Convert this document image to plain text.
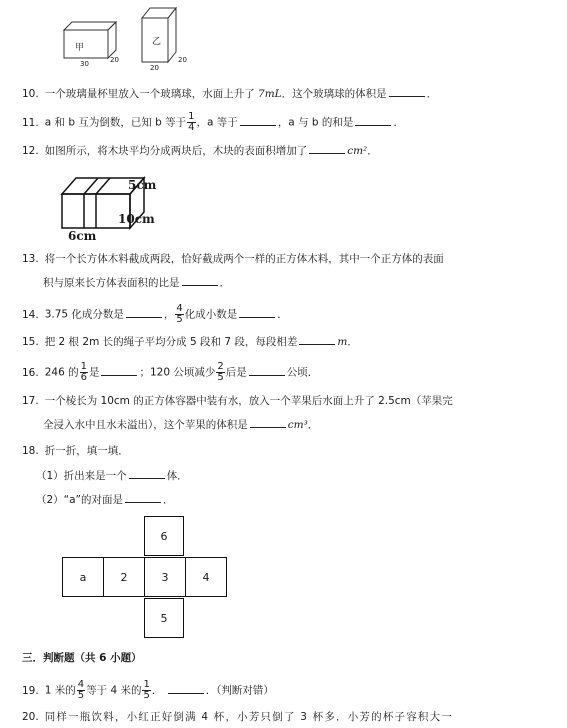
甲
30	20
乙
20
20
10. 一个玻璃量杯里放入一个玻璃球，水面上升了 7mL．这个玻璃球的体积是	．
11. a 和 b 互为倒数，已知 b 等于 $\frac{1}{4}$ ，a 等于	，a 与 b 的和是	．
12. 如图所示，将木块平均分成两块后，木块的表面积增加了	cm²．
5cm
10cm
6cm
13. 将一个长方体木料截成两段，恰好截成两个一样的正方体木料，其中一个正方体的表面
积与原来长方体表面积的比是	．
14. 3.75 化成分数是	， $\frac{4}{5}$ 化成小数是	．
15. 把 2 根 2m 长的绳子平均分成 5 段和 7 段，每段相差	m．
16. 246 的 $\frac{1}{6}$ 是	；120 公顷减少 $\frac{2}{5}$ 后是	公顷．
17. 一个棱长为 10cm 的正方体容器中装有水，放入一个苹果后水面上升了 2.5cm（苹果完
全浸入水中且水未溢出），这个苹果的体积是	cm³．
18. 折一折，填一填．
（1）折出来是一个	体．
（2）“a”的对面是	．
6
a	2	3	4
5
三．判断题（共 6 小题）
19. 1 米的 $\frac{4}{5}$ 等于 4 米的 $\frac{1}{5}$ ．	．（判断对错）
20. 同样一瓶饮料，小红正好倒满 4 杯，小芳只倒了 3 杯多．小芳的杯子容积大一
